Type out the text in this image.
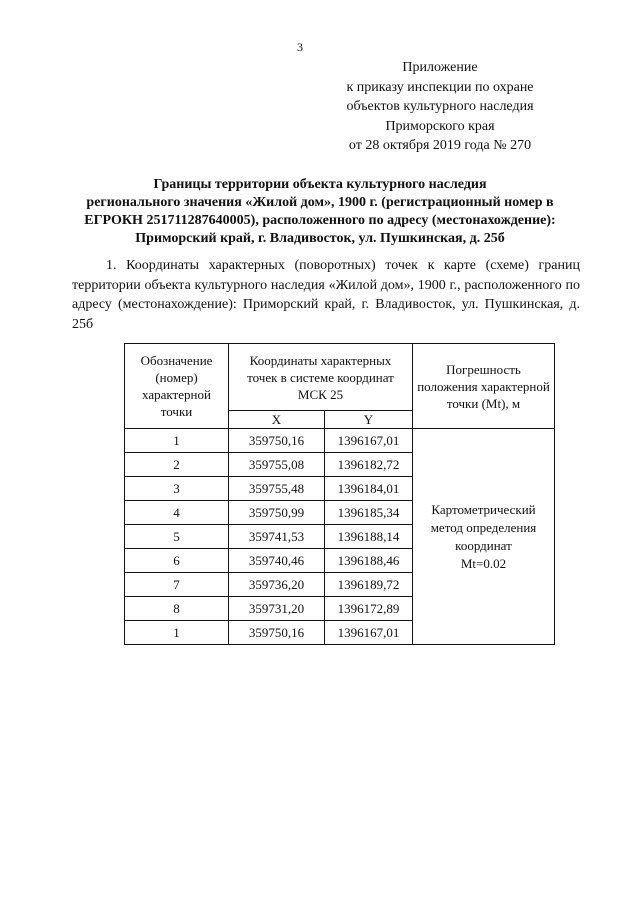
3
Приложение
к приказу инспекции по охране
объектов культурного наследия
Приморского края
от 28 октября 2019 года № 270
Границы территории объекта культурного наследия
регионального значения «Жилой дом», 1900 г. (регистрационный номер в
ЕГРОКН 251711287640005), расположенного по адресу (местонахождение):
Приморский край, г. Владивосток, ул. Пушкинская, д. 25б
1. Координаты характерных (поворотных) точек к карте (схеме) границ территории объекта культурного наследия «Жилой дом», 1900 г., расположенного по адресу (местонахождение): Приморский край, г. Владивосток, ул. Пушкинская, д. 25б
Обозначение (номер) характерной точки	Координаты характерных точек в системе координат МСК 25		Погрешность положения характерной точки (Mt), м
	X	Y	
1	359750,16	1396167,01	Картометрический
метод определения
координат
Mt=0.02

2	359755,08	1396182,72	
3	359755,48	1396184,01	
4	359750,99	1396185,34	
5	359741,53	1396188,14	
6	359740,46	1396188,46	
7	359736,20	1396189,72	
8	359731,20	1396172,89	
1	359750,16	1396167,01	
